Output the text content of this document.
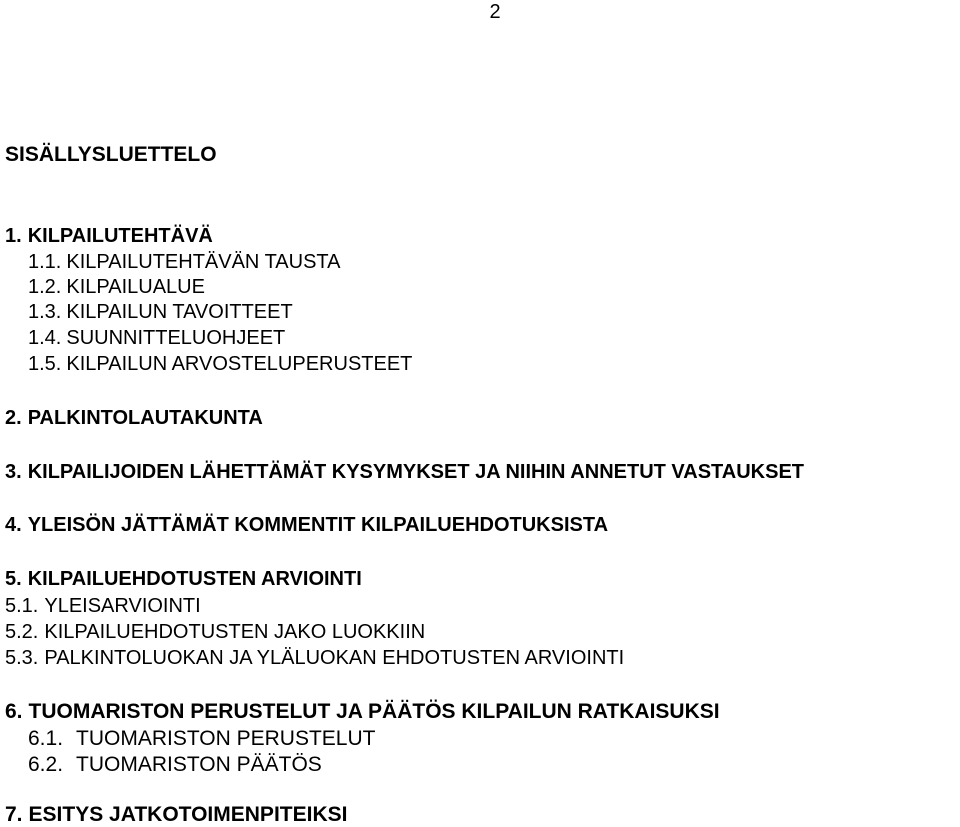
2
SISÄLLYSLUETTELO
1. KILPAILUTEHTÄVÄ
1.1. KILPAILUTEHTÄVÄN TAUSTA
1.2. KILPAILUALUE
1.3. KILPAILUN TAVOITTEET
1.4. SUUNNITTELUOHJEET
1.5. KILPAILUN ARVOSTELUPERUSTEET
2. PALKINTOLAUTAKUNTA
3. KILPAILIJOIDEN LÄHETTÄMÄT KYSYMYKSET JA NIIHIN ANNETUT VASTAUKSET
4. YLEISÖN JÄTTÄMÄT KOMMENTIT KILPAILUEHDOTUKSISTA
5. KILPAILUEHDOTUSTEN ARVIOINTI
5.1. YLEISARVIOINTI
5.2. KILPAILUEHDOTUSTEN JAKO LUOKKIIN
5.3. PALKINTOLUOKAN JA YLÄLUOKAN EHDOTUSTEN ARVIOINTI
6. TUOMARISTON PERUSTELUT JA PÄÄTÖS KILPAILUN RATKAISUKSI
6.1. TUOMARISTON PERUSTELUT
6.2. TUOMARISTON PÄÄTÖS
7. ESITYS JATKOTOIMENPITEIKSI
